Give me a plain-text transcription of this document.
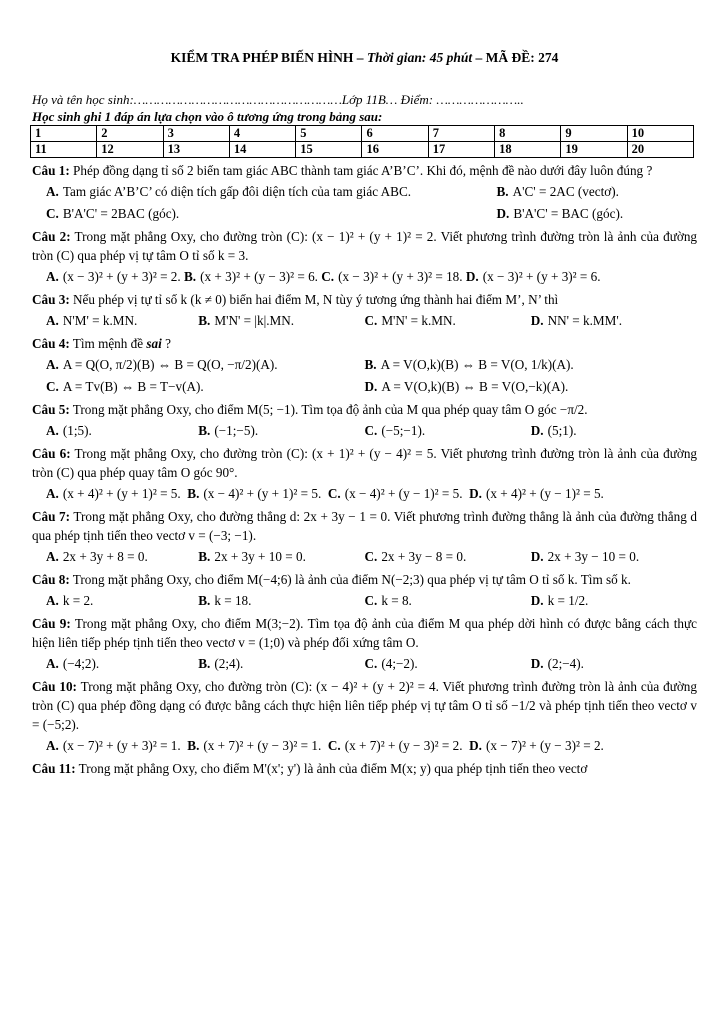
KIỂM TRA PHÉP BIẾN HÌNH – Thời gian: 45 phút – MÃ ĐỀ: 274
Họ và tên học sinh:………………………………………………Lớp 11B… Điểm: …………………..
Học sinh ghi 1 đáp án lựa chọn vào ô tương ứng trong bảng sau:
1	2	3	4	5	6	7	8	9	10
11	12	13	14	15	16	17	18	19	20
Câu 1: Phép đồng dạng tỉ số 2 biến tam giác ABC thành tam giác A’B’C’. Khi đó, mệnh đề nào dưới đây luôn đúng ?
A. Tam giác A’B’C’ có diện tích gấp đôi diện tích của tam giác ABC.	B. A'C' = 2AC (vectơ).
C. B'A'C' = 2BAC (góc).	D. B'A'C' = BAC (góc).
Câu 2: Trong mặt phẳng Oxy, cho đường tròn (C): (x − 1)² + (y + 1)² = 2. Viết phương trình đường tròn là ảnh của đường tròn (C) qua phép vị tự tâm O tỉ số k = 3.
A. (x − 3)² + (y + 3)² = 2. B. (x + 3)² + (y − 3)² = 6. C. (x − 3)² + (y + 3)² = 18. D. (x − 3)² + (y + 3)² = 6.
Câu 3: Nếu phép vị tự tỉ số k (k ≠ 0) biến hai điểm M, N tùy ý tương ứng thành hai điểm M’, N’ thì
A. N'M' = k.MN.	B. M'N' = |k|.MN.	C. M'N' = k.MN.	D. NN' = k.MM'.
Câu 4: Tìm mệnh đề sai ?
A. A = Q(O, π/2)(B) ⇔ B = Q(O, −π/2)(A).	B. A = V(O,k)(B) ⇔ B = V(O, 1/k)(A).
C. A = Tv(B) ⇔ B = T−v(A).	D. A = V(O,k)(B) ⇔ B = V(O,−k)(A).
Câu 5: Trong mặt phẳng Oxy, cho điểm M(5; −1). Tìm tọa độ ảnh của M qua phép quay tâm O góc −π/2.
A. (1;5).	B. (−1;−5).	C. (−5;−1).	D. (5;1).
Câu 6: Trong mặt phẳng Oxy, cho đường tròn (C): (x + 1)² + (y − 4)² = 5. Viết phương trình đường tròn là ảnh của đường tròn (C) qua phép quay tâm O góc 90°.
A. (x + 4)² + (y + 1)² = 5. B. (x − 4)² + (y + 1)² = 5. C. (x − 4)² + (y − 1)² = 5. D. (x + 4)² + (y − 1)² = 5.
Câu 7: Trong mặt phẳng Oxy, cho đường thẳng d: 2x + 3y − 1 = 0. Viết phương trình đường thẳng là ảnh của đường thẳng d qua phép tịnh tiến theo vectơ v = (−3; −1).
A. 2x + 3y + 8 = 0.	B. 2x + 3y + 10 = 0.	C. 2x + 3y − 8 = 0.	D. 2x + 3y − 10 = 0.
Câu 8: Trong mặt phẳng Oxy, cho điểm M(−4;6) là ảnh của điểm N(−2;3) qua phép vị tự tâm O tỉ số k. Tìm số k.
A. k = 2.	B. k = 18.	C. k = 8.	D. k = 1/2.
Câu 9: Trong mặt phẳng Oxy, cho điểm M(3;−2). Tìm tọa độ ảnh của điểm M qua phép dời hình có được bằng cách thực hiện liên tiếp phép tịnh tiến theo vectơ v = (1;0) và phép đối xứng tâm O.
A. (−4;2).	B. (2;4).	C. (4;−2).	D. (2;−4).
Câu 10: Trong mặt phẳng Oxy, cho đường tròn (C): (x − 4)² + (y + 2)² = 4. Viết phương trình đường tròn là ảnh của đường tròn (C) qua phép đồng dạng có được bằng cách thực hiện liên tiếp phép vị tự tâm O tỉ số −1/2 và phép tịnh tiến theo vectơ v = (−5;2).
A. (x − 7)² + (y + 3)² = 1. B. (x + 7)² + (y − 3)² = 1. C. (x + 7)² + (y − 3)² = 2. D. (x − 7)² + (y − 3)² = 2.
Câu 11: Trong mặt phẳng Oxy, cho điểm M'(x'; y') là ảnh của điểm M(x; y) qua phép tịnh tiến theo vectơ
